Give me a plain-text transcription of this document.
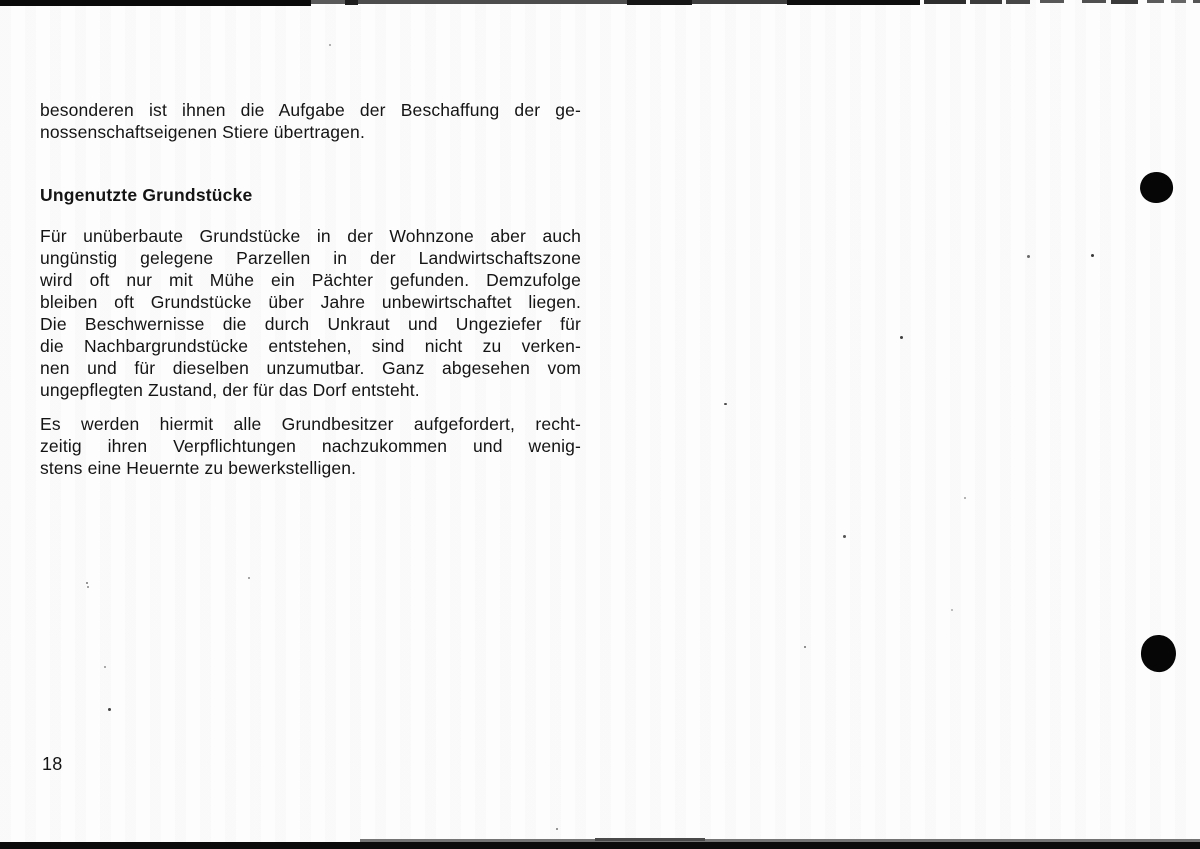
besonderen ist ihnen die Aufgabe der Beschaffung der ge-
nossenschaftseigenen Stiere übertragen.
Ungenutzte Grundstücke
Für unüberbaute Grundstücke in der Wohnzone aber auch
ungünstig gelegene Parzellen in der Landwirtschaftszone
wird oft nur mit Mühe ein Pächter gefunden. Demzufolge
bleiben oft Grundstücke über Jahre unbewirtschaftet liegen.
Die Beschwernisse die durch Unkraut und Ungeziefer für
die Nachbargrundstücke entstehen, sind nicht zu verken-
nen und für dieselben unzumutbar. Ganz abgesehen vom
ungepflegten Zustand, der für das Dorf entsteht.
Es werden hiermit alle Grundbesitzer aufgefordert, recht-
zeitig ihren Verpflichtungen nachzukommen und wenig-
stens eine Heuernte zu bewerkstelligen.
18
